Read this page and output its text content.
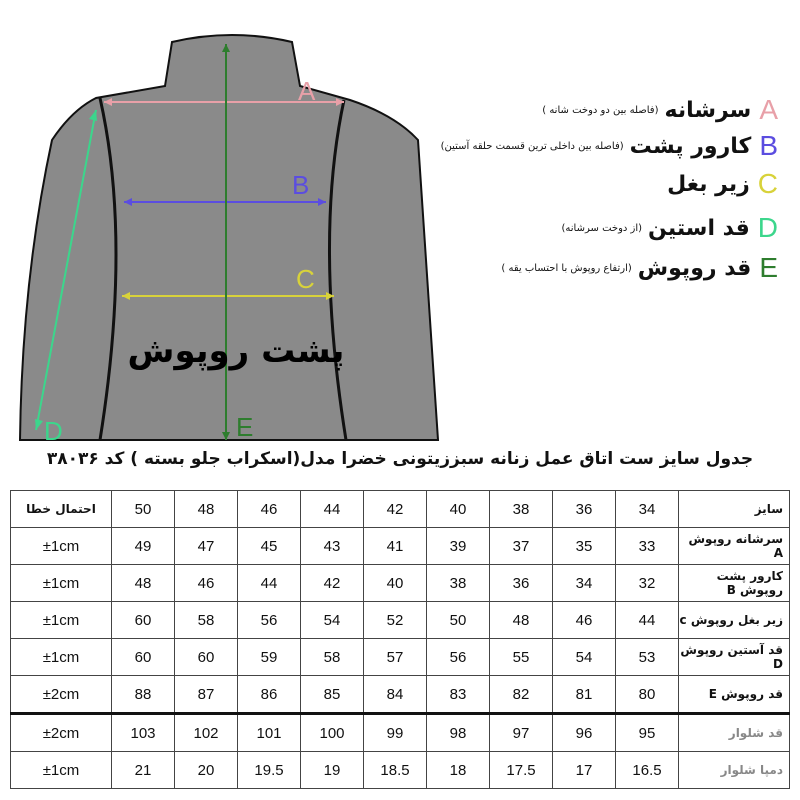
A
B
C
D	E
پشت روپوش
A
سرشانه
(فاصله بین دو دوخت شانه )
B
کارور پشت
(فاصله بین داخلی ترین قسمت حلقه آستین)
C
زیر بغل
D
قد استین
(از دوخت سرشانه)
E
قد روپوش
(ارتفاع روپوش با احتساب یقه )
جدول سایز ست اتاق عمل زنانه سبززیتونی خضرا مدل(اسکراب جلو بسته ) کد ۳۸۰۳۶
احتمال خطا	50	48	46	44	42	40	38	36	34	سایز
±1cm	49	47	45	43	41	39	37	35	33	سرشانه روپوش A
±1cm	48	46	44	42	40	38	36	34	32	کارور پشت روپوش B
±1cm	60	58	56	54	52	50	48	46	44	زیر بغل روپوش c
±1cm	60	60	59	58	57	56	55	54	53	قد آستین روپوش D
±2cm	88	87	86	85	84	83	82	81	80	قد روپوش E
±2cm	103	102	101	100	99	98	97	96	95	قد شلوار
±1cm	21	20	19.5	19	18.5	18	17.5	17	16.5	دمپا شلوار
